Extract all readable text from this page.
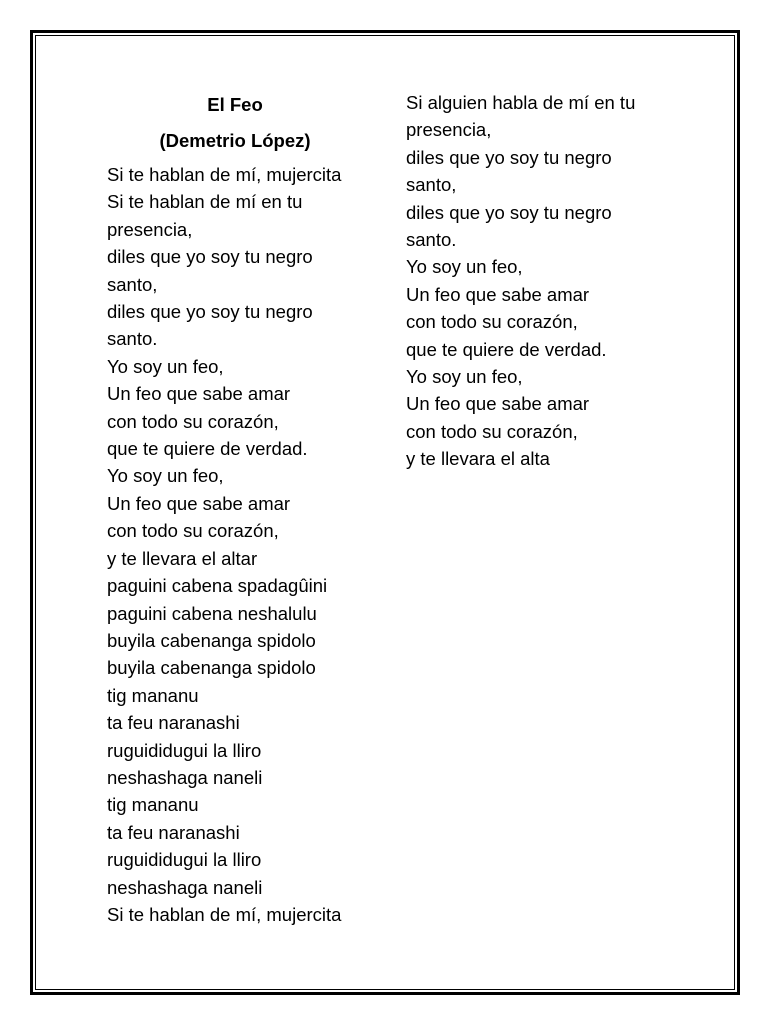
El Feo
(Demetrio López)
Si te hablan de mí, mujercita
Si te hablan de mí en tu
presencia,
diles que yo soy tu negro
santo,
diles que yo soy tu negro
santo.
Yo soy un feo,
Un feo que sabe amar
con todo su corazón,
que te quiere de verdad.
Yo soy un feo,
Un feo que sabe amar
con todo su corazón,
y te llevara el altar
paguini cabena spadagûini
paguini cabena neshalulu
buyila cabenanga spidolo
buyila cabenanga spidolo
tig mananu
ta feu naranashi
ruguididugui la lliro
neshashaga naneli
tig mananu
ta feu naranashi
ruguididugui la lliro
neshashaga naneli
Si te hablan de mí, mujercita
Si alguien habla de mí en tu
presencia,
diles que yo soy tu negro
santo,
diles que yo soy tu negro
santo.
Yo soy un feo,
Un feo que sabe amar
con todo su corazón,
que te quiere de verdad.
Yo soy un feo,
Un feo que sabe amar
con todo su corazón,
y te llevara el alta
